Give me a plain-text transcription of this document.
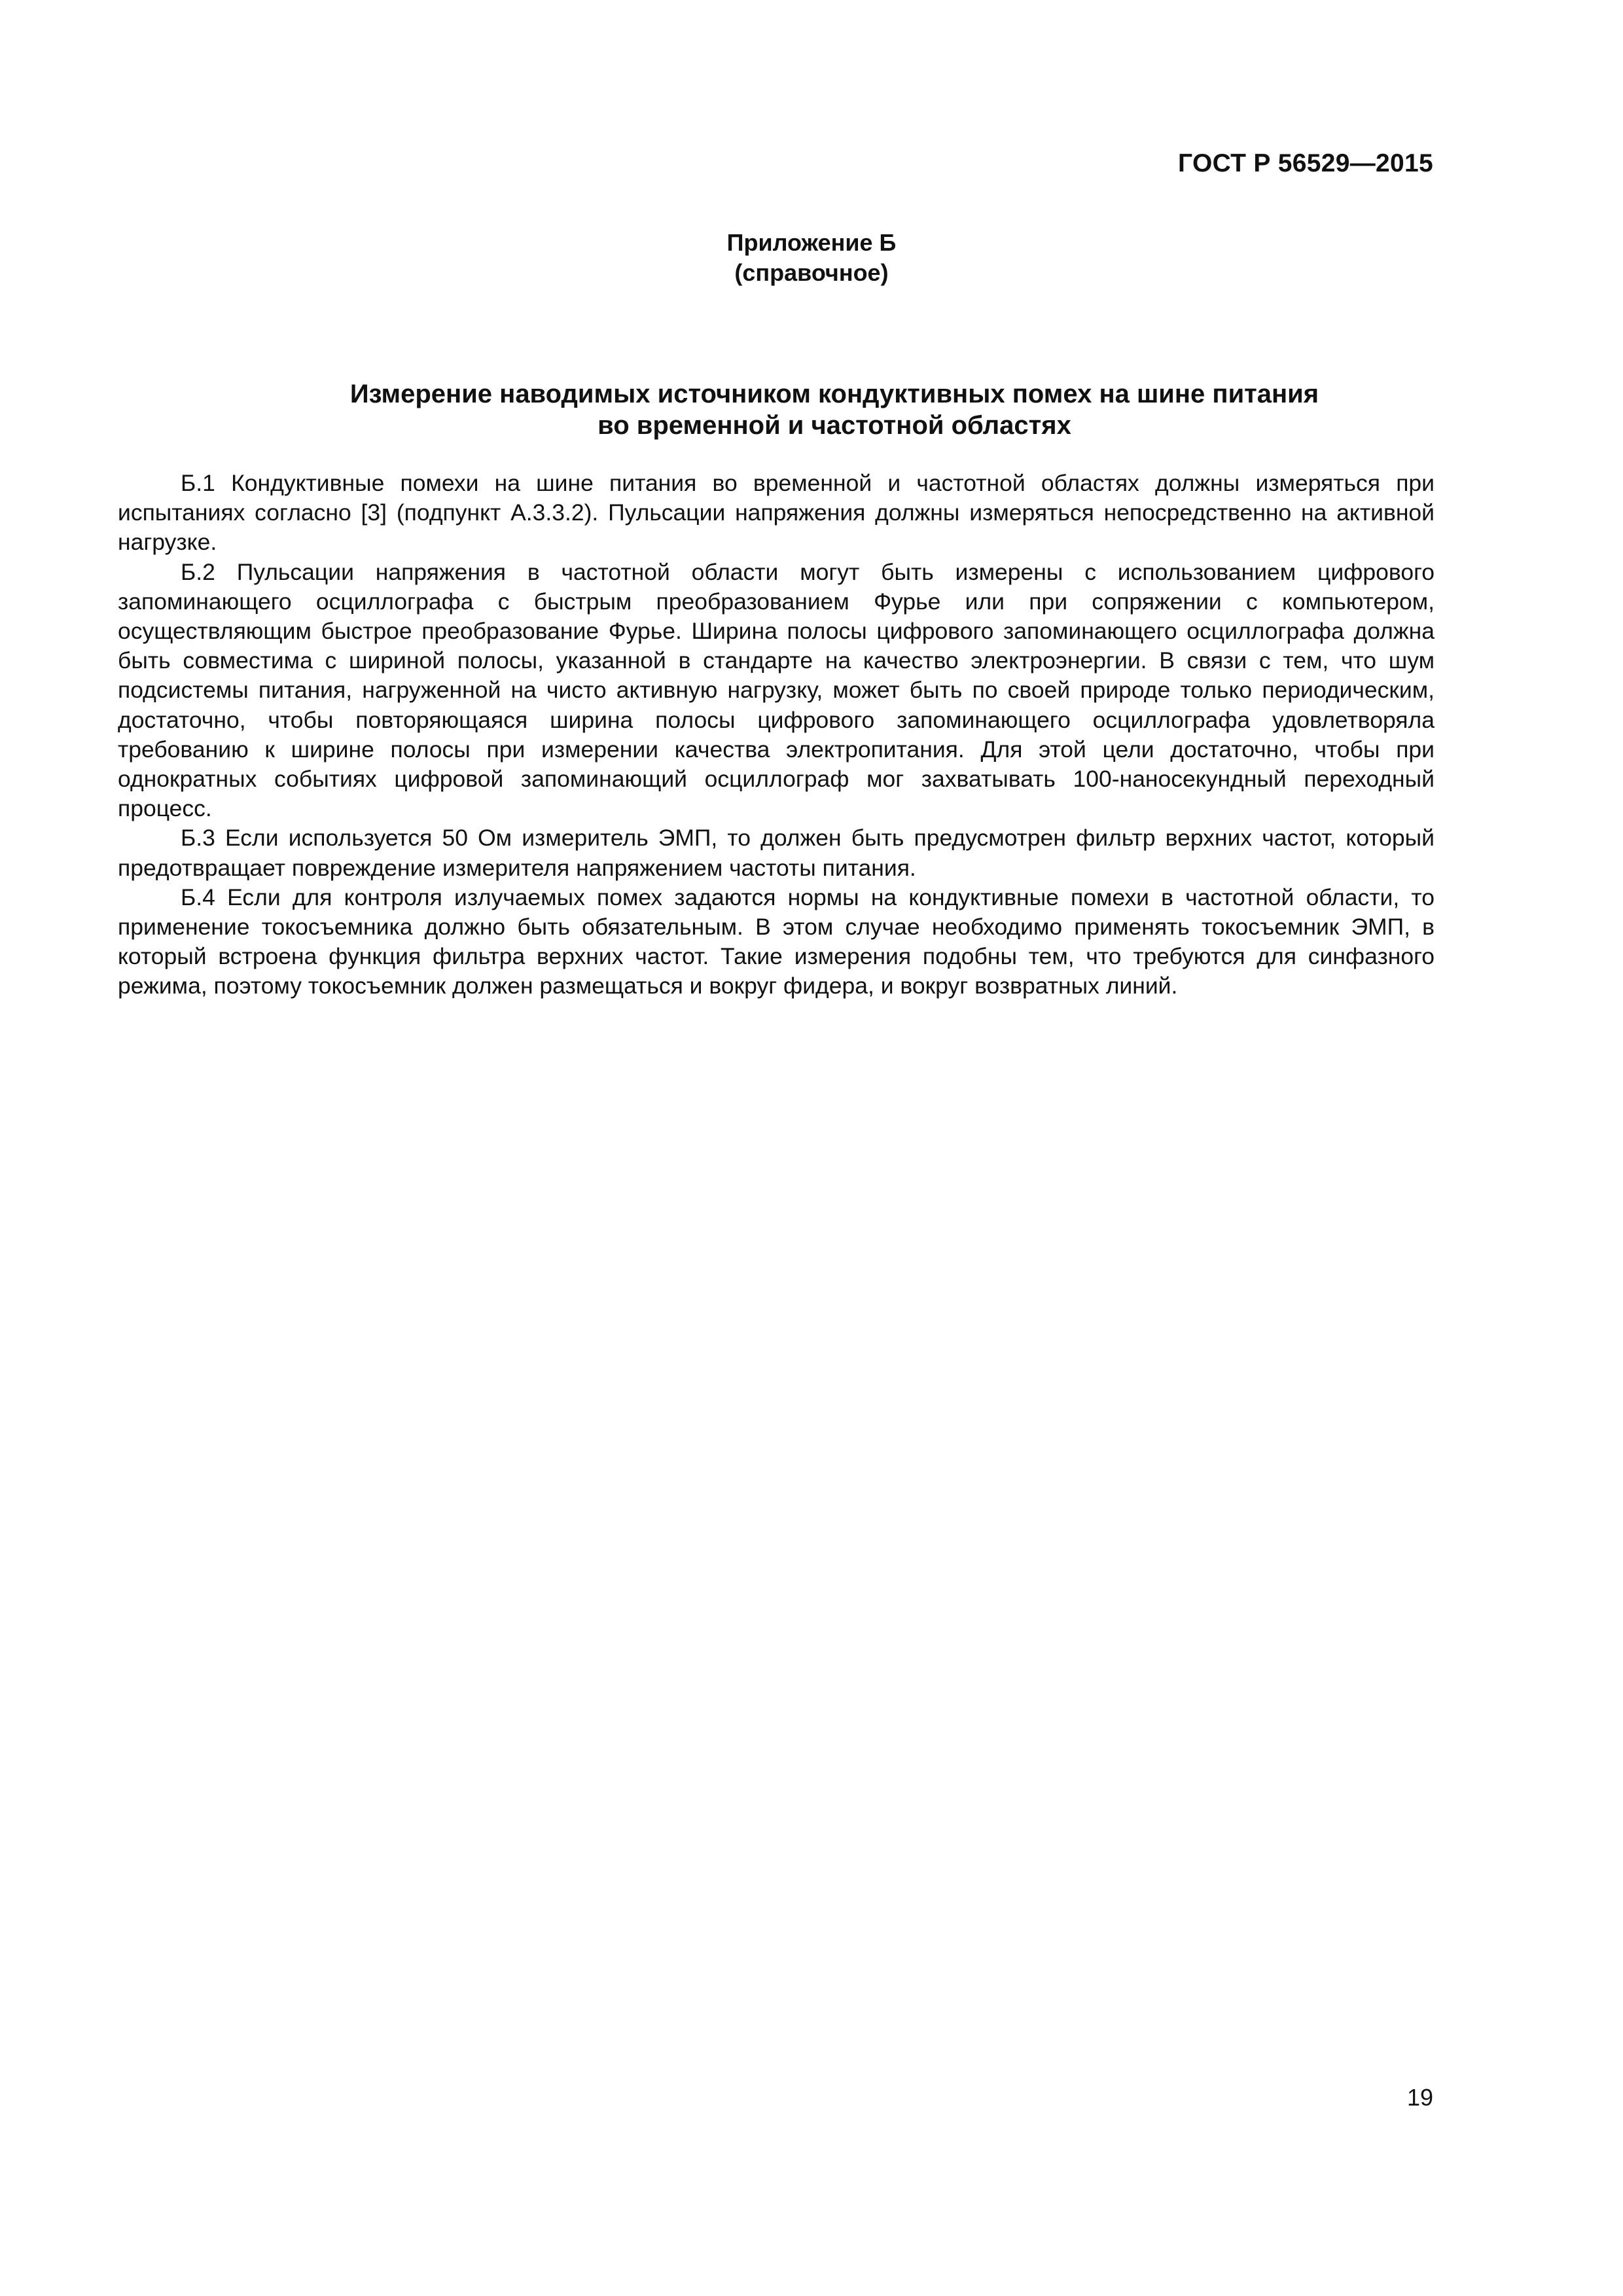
ГОСТ Р 56529—2015
Приложение Б
(справочное)
Измерение наводимых источником кондуктивных помех на шине питания
во временной и частотной областях

Б.1 Кондуктивные помехи на шине питания во временной и частотной областях должны измеряться при испытаниях согласно [3] (подпункт А.3.3.2). Пульсации напряжения должны измеряться непосредственно на активной нагрузке.

Б.2 Пульсации напряжения в частотной области могут быть измерены с использованием цифрового запоминающего осциллографа с быстрым преобразованием Фурье или при сопряжении с компьютером, осуществляющим быстрое преобразование Фурье. Ширина полосы цифрового запоминающего осциллографа должна быть совместима с шириной полосы, указанной в стандарте на качество электроэнергии. В связи с тем, что шум подсистемы питания, нагруженной на чисто активную нагрузку, может быть по своей природе только периодическим, достаточно, чтобы повторяющаяся ширина полосы цифрового запоминающего осциллографа удовлетворяла требованию к ширине полосы при измерении качества электропитания. Для этой цели достаточно, чтобы при однократных событиях цифровой запоминающий осциллограф мог захватывать 100-наносекундный переходный процесс.

Б.3 Если используется 50 Ом измеритель ЭМП, то должен быть предусмотрен фильтр верхних частот, который предотвращает повреждение измерителя напряжением частоты питания.

Б.4 Если для контроля излучаемых помех задаются нормы на кондуктивные помехи в частотной области, то применение токосъемника должно быть обязательным. В этом случае необходимо применять токосъемник ЭМП, в который встроена функция фильтра верхних частот. Такие измерения подобны тем, что требуются для синфазного режима, поэтому токосъемник должен размещаться и вокруг фидера, и вокруг возвратных линий.

19
